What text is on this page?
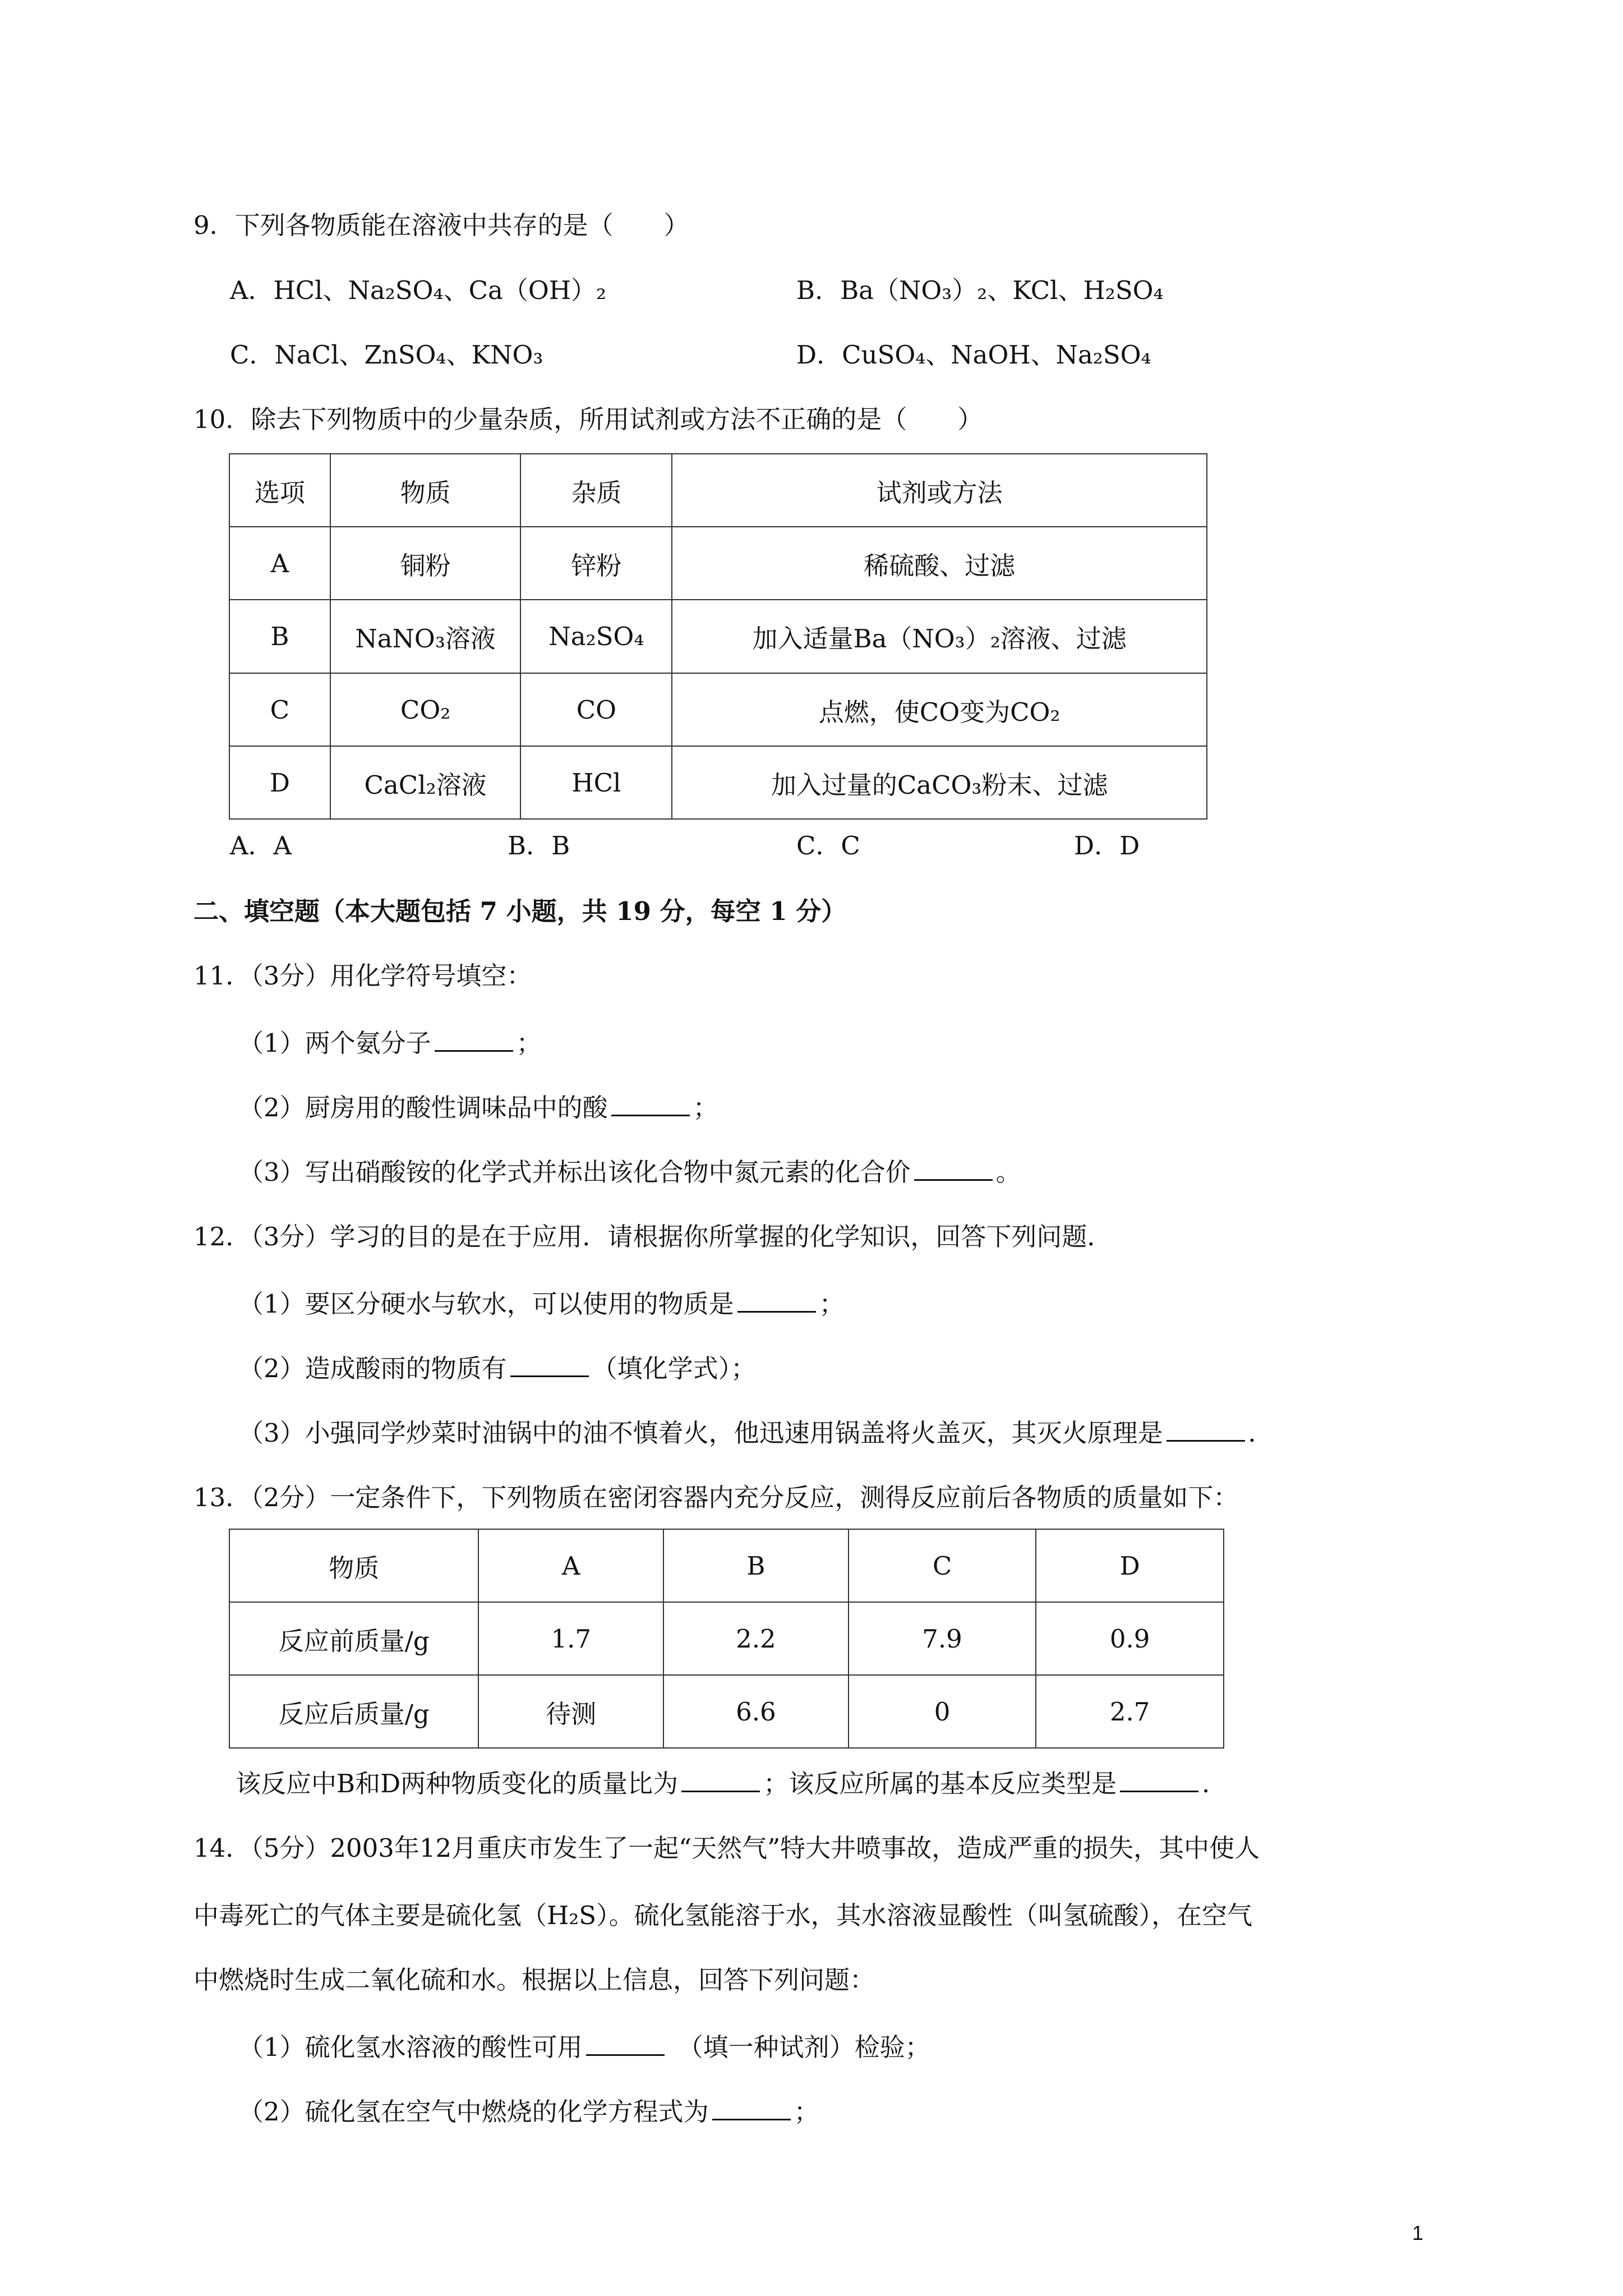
9．下列各物质能在溶液中共存的是（　　）
A．HCl、Na₂SO₄、Ca（OH）₂	B．Ba（NO₃）₂、KCl、H₂SO₄
C．NaCl、ZnSO₄、KNO₃	D．CuSO₄、NaOH、Na₂SO₄
10．除去下列物质中的少量杂质，所用试剂或方法不正确的是（　　）
选项	物质	杂质	试剂或方法
A	铜粉	锌粉	稀硫酸、过滤
B	NaNO₃溶液	Na₂SO₄	加入适量Ba（NO₃）₂溶液、过滤
C	CO₂	CO	点燃，使CO变为CO₂
D	CaCl₂溶液	HCl	加入过量的CaCO₃粉末、过滤
A．A	B．B	C．C	D．D
二、填空题（本大题包括 7 小题，共 19 分，每空 1 分）
11．（3分）用化学符号填空：
（1）两个氨分子	；
（2）厨房用的酸性调味品中的酸	；
（3）写出硝酸铵的化学式并标出该化合物中氮元素的化合价	。
12．（3分）学习的目的是在于应用．请根据你所掌握的化学知识，回答下列问题．
（1）要区分硬水与软水，可以使用的物质是	；
（2）造成酸雨的物质有	（填化学式）；
（3）小强同学炒菜时油锅中的油不慎着火，他迅速用锅盖将火盖灭，其灭火原理是	．
13．（2分）一定条件下，下列物质在密闭容器内充分反应，测得反应前后各物质的质量如下：
物质	A	B	C	D
反应前质量/g	1.7	2.2	7.9	0.9
反应后质量/g	待测	6.6	0	2.7
该反应中B和D两种物质变化的质量比为	；该反应所属的基本反应类型是	．
14．（5分）2003年12月重庆市发生了一起“天然气”特大井喷事故，造成严重的损失，其中使人
中毒死亡的气体主要是硫化氢（H₂S）。硫化氢能溶于水，其水溶液显酸性（叫氢硫酸），在空气
中燃烧时生成二氧化硫和水。根据以上信息，回答下列问题：
（1）硫化氢水溶液的酸性可用	（填一种试剂）检验；
（2）硫化氢在空气中燃烧的化学方程式为	；
1
